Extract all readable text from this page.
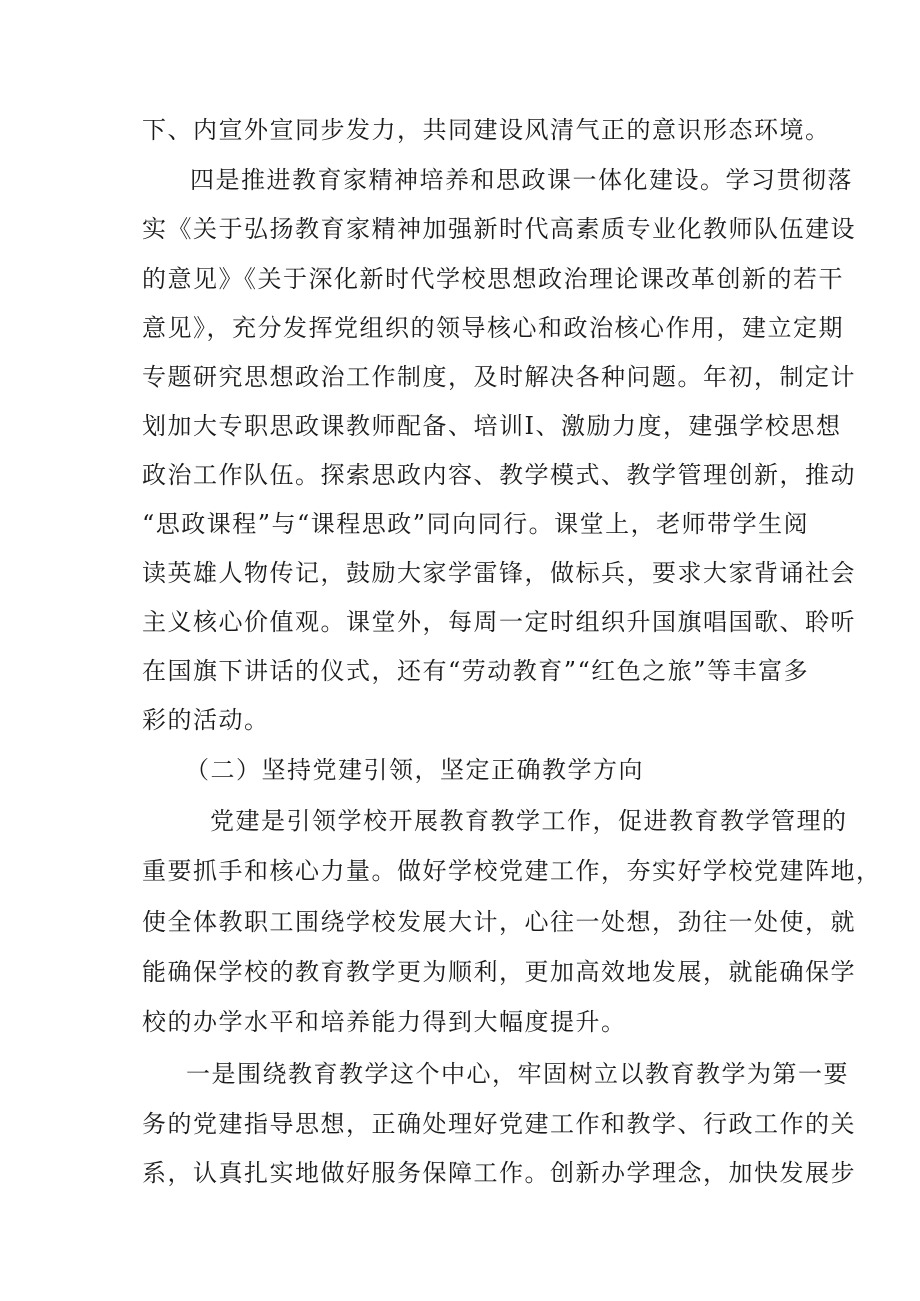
下、内宣外宣同步发力，共同建设风清气正的意识形态环境。
四是推进教育家精神培养和思政课一体化建设。学习贯彻落
实《关于弘扬教育家精神加强新时代高素质专业化教师队伍建设
的意见》《关于深化新时代学校思想政治理论课改革创新的若干
意见》，充分发挥党组织的领导核心和政治核心作用，建立定期
专题研究思想政治工作制度，及时解决各种问题。年初，制定计
划加大专职思政课教师配备、培训I、激励力度，建强学校思想
政治工作队伍。探索思政内容、教学模式、教学管理创新，推动
“思政课程”与“课程思政”同向同行。课堂上，老师带学生阅
读英雄人物传记，鼓励大家学雷锋，做标兵，要求大家背诵社会
主义核心价值观。课堂外，每周一定时组织升国旗唱国歌、聆听
在国旗下讲话的仪式，还有“劳动教育”“红色之旅”等丰富多
彩的活动。
（二）坚持党建引领，坚定正确教学方向
党建是引领学校开展教育教学工作，促进教育教学管理的
重要抓手和核心力量。做好学校党建工作，夯实好学校党建阵地，
使全体教职工围绕学校发展大计，心往一处想，劲往一处使，就
能确保学校的教育教学更为顺利，更加高效地发展，就能确保学
校的办学水平和培养能力得到大幅度提升。
一是围绕教育教学这个中心，牢固树立以教育教学为第一要
务的党建指导思想，正确处理好党建工作和教学、行政工作的关
系，认真扎实地做好服务保障工作。创新办学理念，加快发展步
